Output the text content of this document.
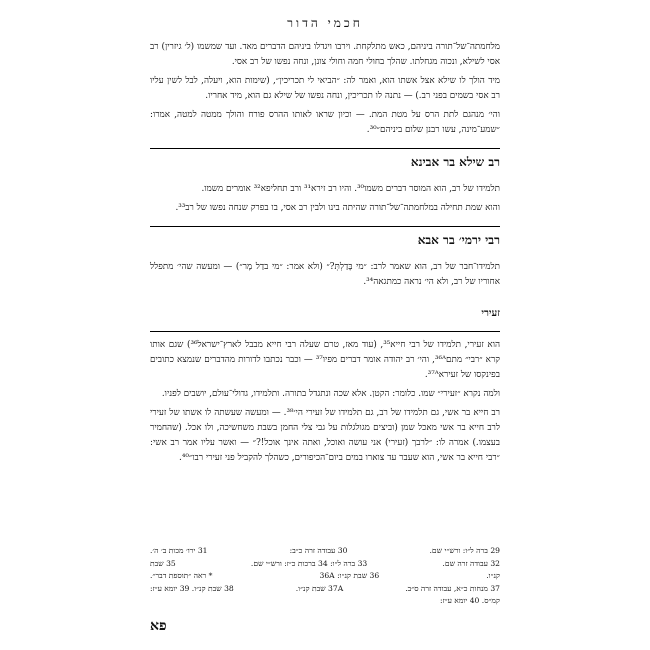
חכמי הדור

מלחמתה־של־תורה ביניהם, כאש מתלקחת. וירבו ויגדלו ביניהם הדברים מאד. ועד שמשמו (ל׳ גיזרין) רב אסי לשילא, ונכוה מגחלתו. שהלך בחולי חמה וחולי צונן, ונחה נפשו של רב אסי.

מיד הולך לו שילא אצל אשתו הוא, ואמר לה: ״הביאי לי תכריכין״, (שימות הוא, ויעלה, לבל לשין עליו רב אסי בשמים בפני רב.) — נתנה לו תכריכין, ונחה נפשו של שילא גם הוא, מיד אחריו.

והי׳ מנהגם לתת הרס על מטת המת. — וכיון שראו לאותו ההרס פורח והולך ממטה למטה, אמרו: ״שמע־מינה, עשו רבנן שלום ביניהם״³⁰.

רב שילא בר אבינא

תלמידו של רב, הוא המוסר דברים משמו³⁰. והיו רב זירא³¹ ורב תחליפא³² אומרים משמו.

והוא שמת תחילה במלחמתה־של־תורה שהיתה בינו ולבין רב אסי, בו בפרק שנחה נפשו של רב³³.

רבי ירמי׳ בר אבא

תלמידו־חבר של רב, הוא שאמר לרב: ״מי בָּדַלְתְּ?״ (ולא אמר: ״מי בדַל מָר״) — ומעשה שהי׳ מתפלל אחוריו של רב, ולא הי׳ נראה כמתגאה³⁴.

זעירי

הוא זעירי, תלמידו של רבי חייא³⁵, (עוד מאז, טרם שעלה רבי חייא מבבל לארץ־ישראל³⁶) שגם אותו קרא ״רבי״ מתם³⁶ᴬ, והי׳ רב יהודה אומר דברים מפיו³⁷ — וכבר נכתבו לדורות מהדברים שנמצא כתובים בפינקסו של זעירא³⁷ᴬ.

ולמה נקרא ״זעירי״ שמו. כלומר: הקטן. אלא שכה ונתגדל בתורה. ותלמידו, גדולי־עולם, יושבים לפניו.

רב חייא בר אשי, גם תלמידו של רב, גם תלמידו של זעירי הי׳³⁸. — ומעשה שעשתה לו אשתו של זעירי לרב חייא בר אשי מאכל שמן (וביצים מגולגלות על גבי צלי החמן בשבת משחשיכה, ולו אכל. (שהחמיר בעצמו.) אמרה לו: ״לרבך (זעירי) אני עושה ואוכל, ואתה אינך אוכל!?״ — ואשר עליו אמר רב אשי: ״רבי חייא בר אשי, הוא שעבר עד צוארו במים ביום־הכיפורים, כשהלך להקביל פני זעירי רבו״⁴⁰.

29 ברה ל״ו: ורש״י שם.
30 עבודה זרה כ״ב:
31 ירו׳ מכות ב׳ ה׳.
32 עבודה זרה שם.
33 ברה ל״ו: 34 ברכות כ״ז: ורש״י שם.
35 שבת
קנ״ו.
36 שבת קנ״ו: 36A
* ראה ״תוספת דבר״.
37 מנחות כ״א, עבודה זרה ס״ב.
37A שבת קנ״ו.
38 שבת קנ״ו. 39 יומא ע״ז:
קמ״ס. 40 יומא ע״ז:
פא
